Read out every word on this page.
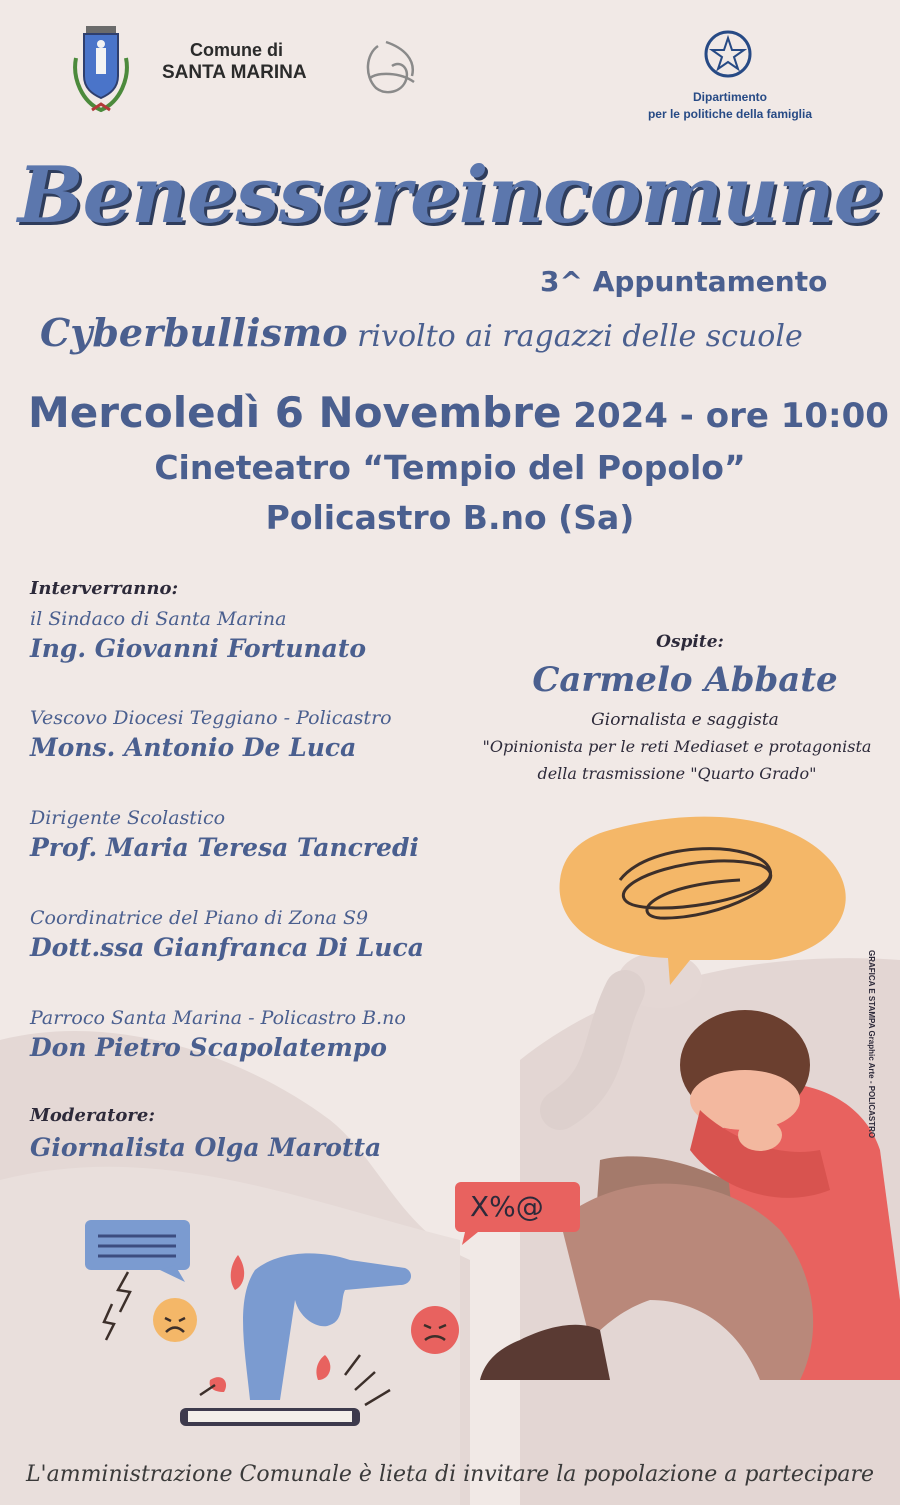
Comune di
SANTA MARINA
Dipartimento
per le politiche della famiglia
Benessereincomune
3^ Appuntamento
Cyberbullismo rivolto ai ragazzi delle scuole
Mercoledì 6 Novembre 2024 - ore 10:00
Cineteatro “Tempio del Popolo”
Policastro B.no (Sa)
Interverranno:
il Sindaco di Santa Marina
Ing. Giovanni Fortunato
Vescovo Diocesi Teggiano - Policastro
Mons. Antonio De Luca
Dirigente Scolastico
Prof. Maria Teresa Tancredi
Coordinatrice del Piano di Zona S9
Dott.ssa Gianfranca Di Luca
Parroco Santa Marina - Policastro B.no
Don Pietro Scapolatempo
Moderatore:
Giornalista Olga Marotta
Ospite:
Carmelo Abbate
Giornalista e saggista
"Opinionista per le reti Mediaset e protagonista
della trasmissione "Quarto Grado"
X%@
GRAFICA E STAMPA Graphic Arte - POLICASTRO
L'amministrazione Comunale è lieta di invitare la popolazione a partecipare
